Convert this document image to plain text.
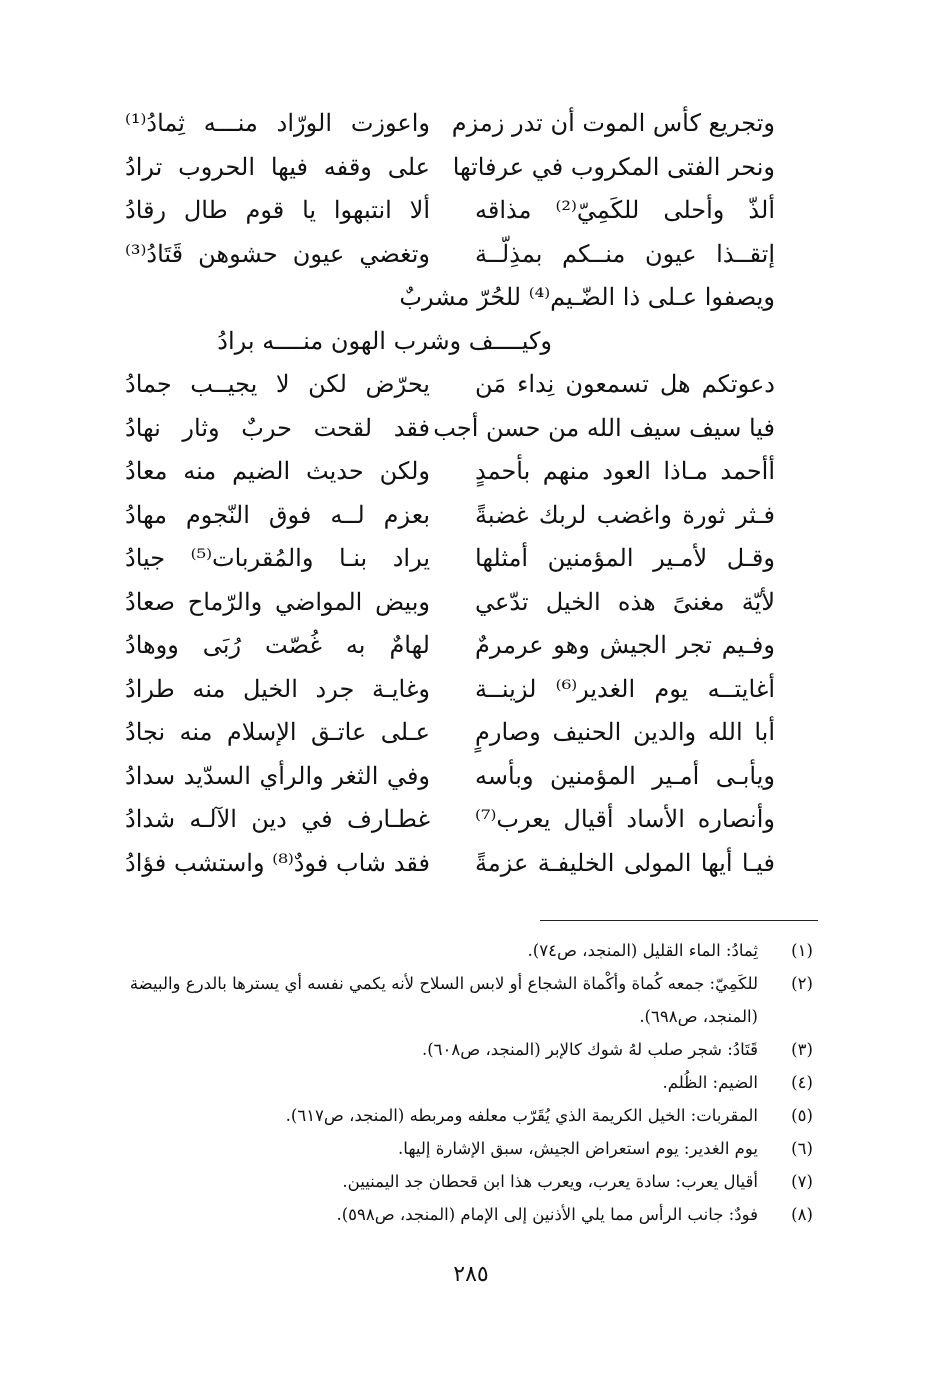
وتجريع كأس الموت أن تدر زمزم
واعوزت الورّاد منـــه ثِمادُ⁽¹⁾
ونحر الفتى المكروب في عرفاتها
على وقفه فيها الحروب ترادُ
ألذّ وأحلى للكَمِيّ⁽²⁾ مذاقه
ألا انتبهوا يا قوم طال رقادُ
إتقــذا عيون منــكم بمذِلّــة
وتغضي عيون حشوهن قَتَادُ⁽³⁾
ويصفوا عـلى ذا الضّـيم⁽⁴⁾ للحُرّ مشربٌ
وكيــــف وشرب الهون منــــه برادُ
دعوتكم هل تسمعون نِداء مَن
يحرّض لكن لا يجيــب جمادُ
فيا سيف سيف الله من حسن أجب
فقد لقحت حربٌ وثار نهادُ
أأحمد مـاذا العود منهم بأحمدٍ
ولكن حديث الضيم منه معادُ
فـثر ثورة واغضب لربك غضبةً
بعزم لــه فوق النّجوم مهادُ
وقـل لأمـير المؤمنين أمثلها
يراد بنـا والمُقربات⁽⁵⁾ جيادُ
لأيّة مغنىً هذه الخيل تدّعي
وبيض المواضي والرّماح صعادُ
وفـيم تجر الجيش وهو عرمرمٌ
لهامٌ به غُصّت رُبَى ووهادُ
أغايتــه يوم الغدير⁽⁶⁾ لزينــة
وغايـة جرد الخيل منه طرادُ
أبا الله والدين الحنيف وصارمٍ
عـلى عاتـق الإسلام منه نجادُ
ويأبـى أمـير المؤمنين وبأسه
وفي الثغر والرأي السدّيد سدادُ
وأنصاره الأساد أقيال يعرب⁽⁷⁾
غطـارف في دين الآلـه شدادُ
فيـا أيها المولى الخليفـة عزمةً
فقد شاب فودٌ⁽⁸⁾ واستشب فؤادُ
(١)
ثِمادُ: الماء القليل (المنجد، ص٧٤).
(٢)
للكَمِيّ: جمعه كُماة وأكْماة الشجاع أو لابس السلاح لأنه يكمي نفسه أي يسترها بالدرع والبيضة (المنجد، ص٦٩٨).
(٣)
قَتَادُ: شجر صلب لهُ شوك كالإبر (المنجد، ص٦٠٨).
(٤)
الضيم: الظُلم.
(٥)
المقربات: الخيل الكريمة الذي يُقَرّب معلفه ومربطه (المنجد، ص٦١٧).
(٦)
يوم الغدير: يوم استعراض الجيش، سبق الإشارة إليها.
(٧)
أقيال يعرب: سادة يعرب، ويعرب هذا ابن قحطان جد اليمنيين.
(٨)
فودٌ: جانب الرأس مما يلي الأذنين إلى الإمام (المنجد، ص٥٩٨).
٢٨٥
